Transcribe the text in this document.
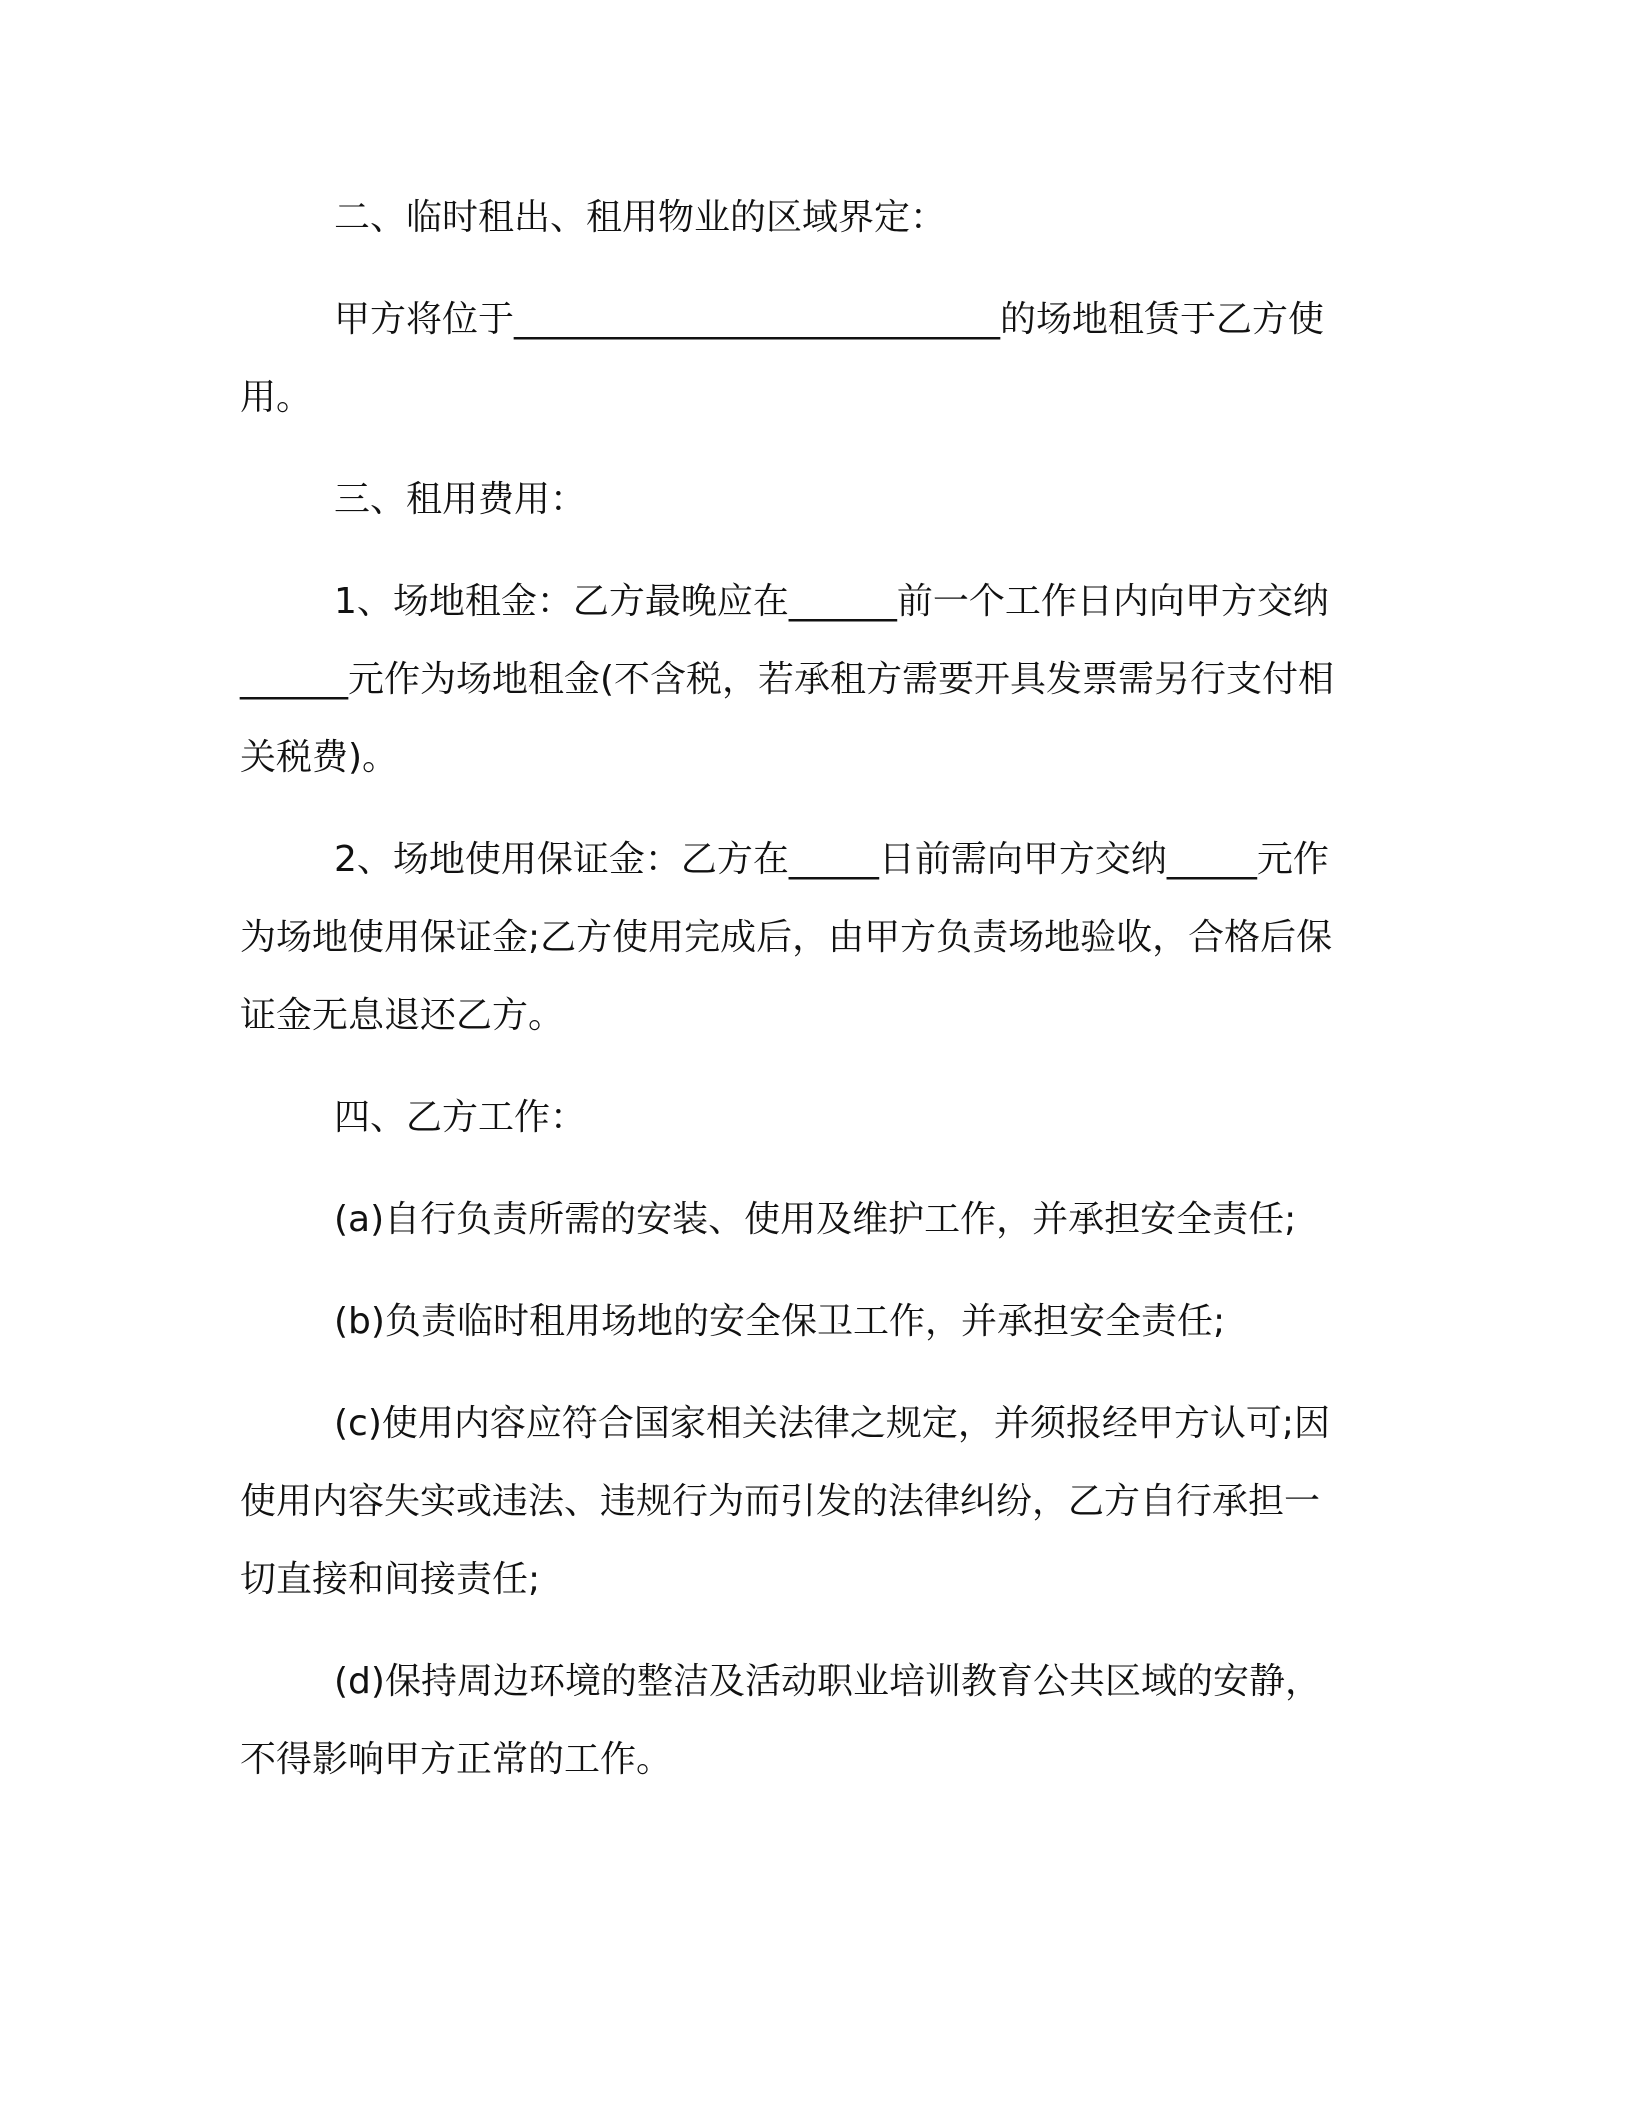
二、临时租出、租用物业的区域界定：
甲方将位于___________________________的场地租赁于乙方使
用。
三、租用费用：
1、场地租金：乙方最晚应在______前一个工作日内向甲方交纳
______元作为场地租金(不含税，若承租方需要开具发票需另行支付相
关税费)。
2、场地使用保证金：乙方在_____日前需向甲方交纳_____元作
为场地使用保证金;乙方使用完成后，由甲方负责场地验收，合格后保
证金无息退还乙方。
四、乙方工作：
(a)自行负责所需的安装、使用及维护工作，并承担安全责任;
(b)负责临时租用场地的安全保卫工作，并承担安全责任;
(c)使用内容应符合国家相关法律之规定，并须报经甲方认可;因
使用内容失实或违法、违规行为而引发的法律纠纷，乙方自行承担一
切直接和间接责任;
(d)保持周边环境的整洁及活动职业培训教育公共区域的安静，
不得影响甲方正常的工作。
